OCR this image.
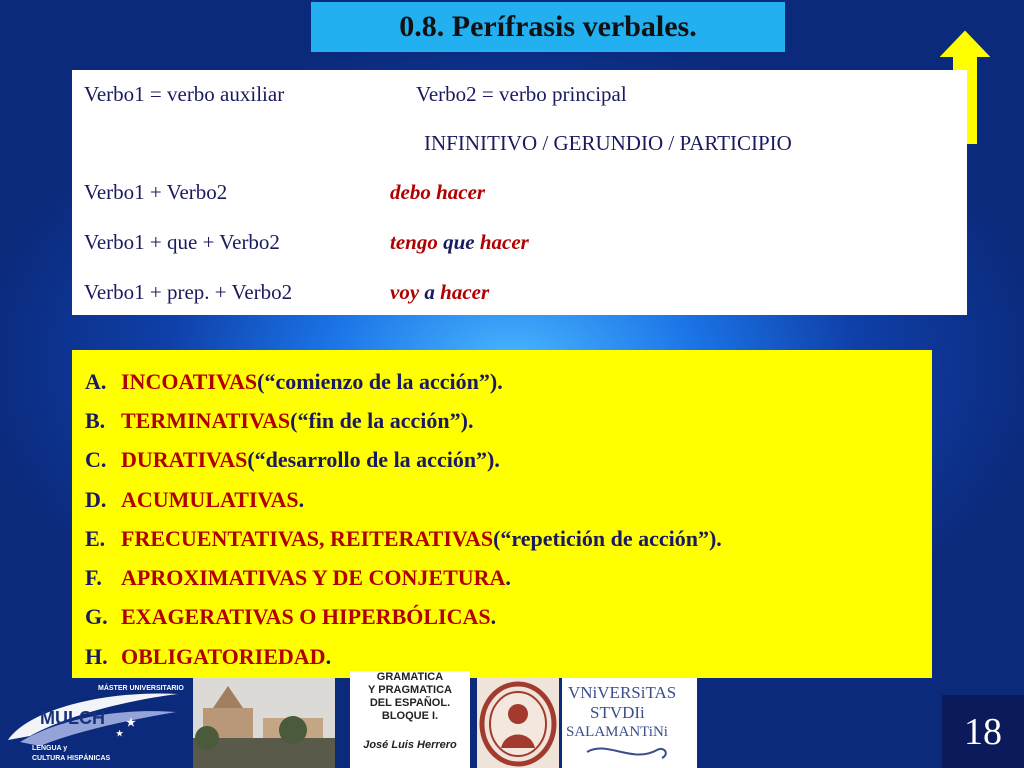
0.8. Perífrasis verbales.
Verbo1 = verbo auxiliar	Verbo2 = verbo principal
INFINITIVO / GERUNDIO / PARTICIPIO
Verbo1 + Verbo2	debo hacer
Verbo1 + que + Verbo2	tengo que hacer
Verbo1 + prep. + Verbo2	voy a hacer
A. INCOATIVAS (“comienzo de la acción”).
B. TERMINATIVAS (“fin de la acción”).
C. DURATIVAS (“desarrollo de la acción”).
D. ACUMULATIVAS .
E. FRECUENTATIVAS, REITERATIVAS (“repetición de acción”).
F. APROXIMATIVAS Y DE CONJETURA .
G. EXAGERATIVAS O HIPERBÓLICAS .
H. OBLIGATORIEDAD .
MÁSTER UNIVERSITARIO
MULCH ★
★
LENGUA y
CULTURA HISPÁNICAS
GRAMATICA
Y PRAGMATICA
DEL ESPAÑOL.
BLOQUE I.
José Luis Herrero
VNiVERSiTAS
STVDIi
SALAMANTiNi	18
